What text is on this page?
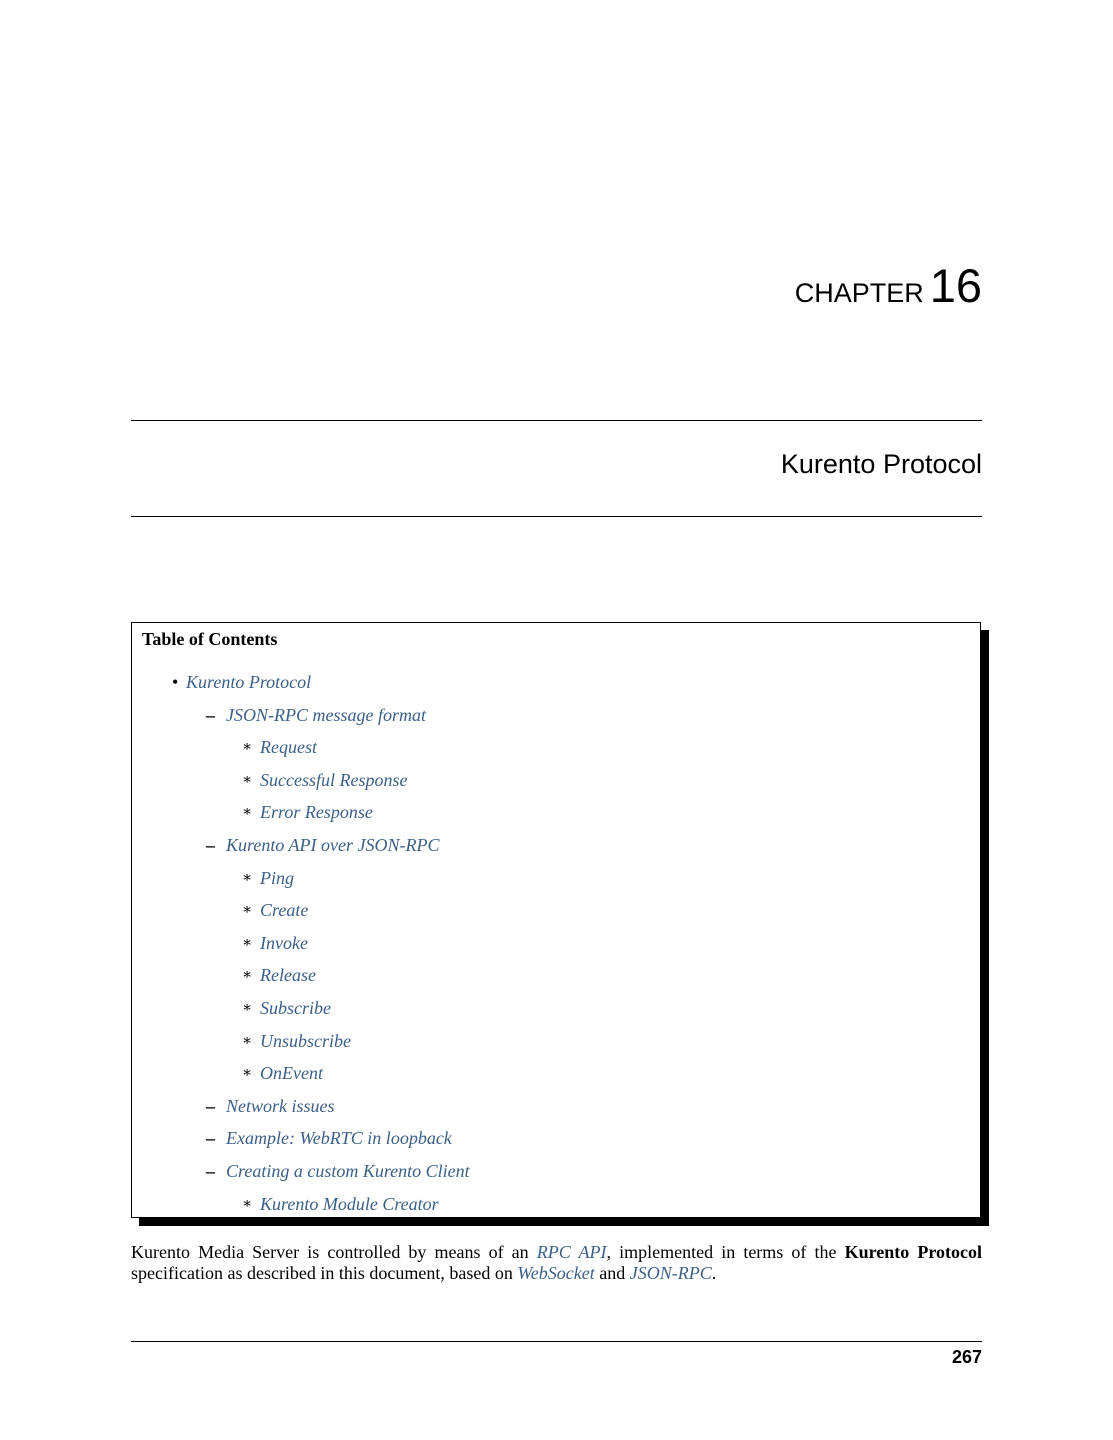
CHAPTER 16
Kurento Protocol
Table of Contents
• Kurento Protocol
– JSON-RPC message format
∗ Request
∗ Successful Response
∗ Error Response
– Kurento API over JSON-RPC
∗ Ping
∗ Create
∗ Invoke
∗ Release
∗ Subscribe
∗ Unsubscribe
∗ OnEvent
– Network issues
– Example: WebRTC in loopback
– Creating a custom Kurento Client
∗ Kurento Module Creator

Kurento Media Server is controlled by means of an RPC API, implemented in terms of the Kurento Protocol specification as described in this document, based on WebSocket and JSON-RPC.

267
